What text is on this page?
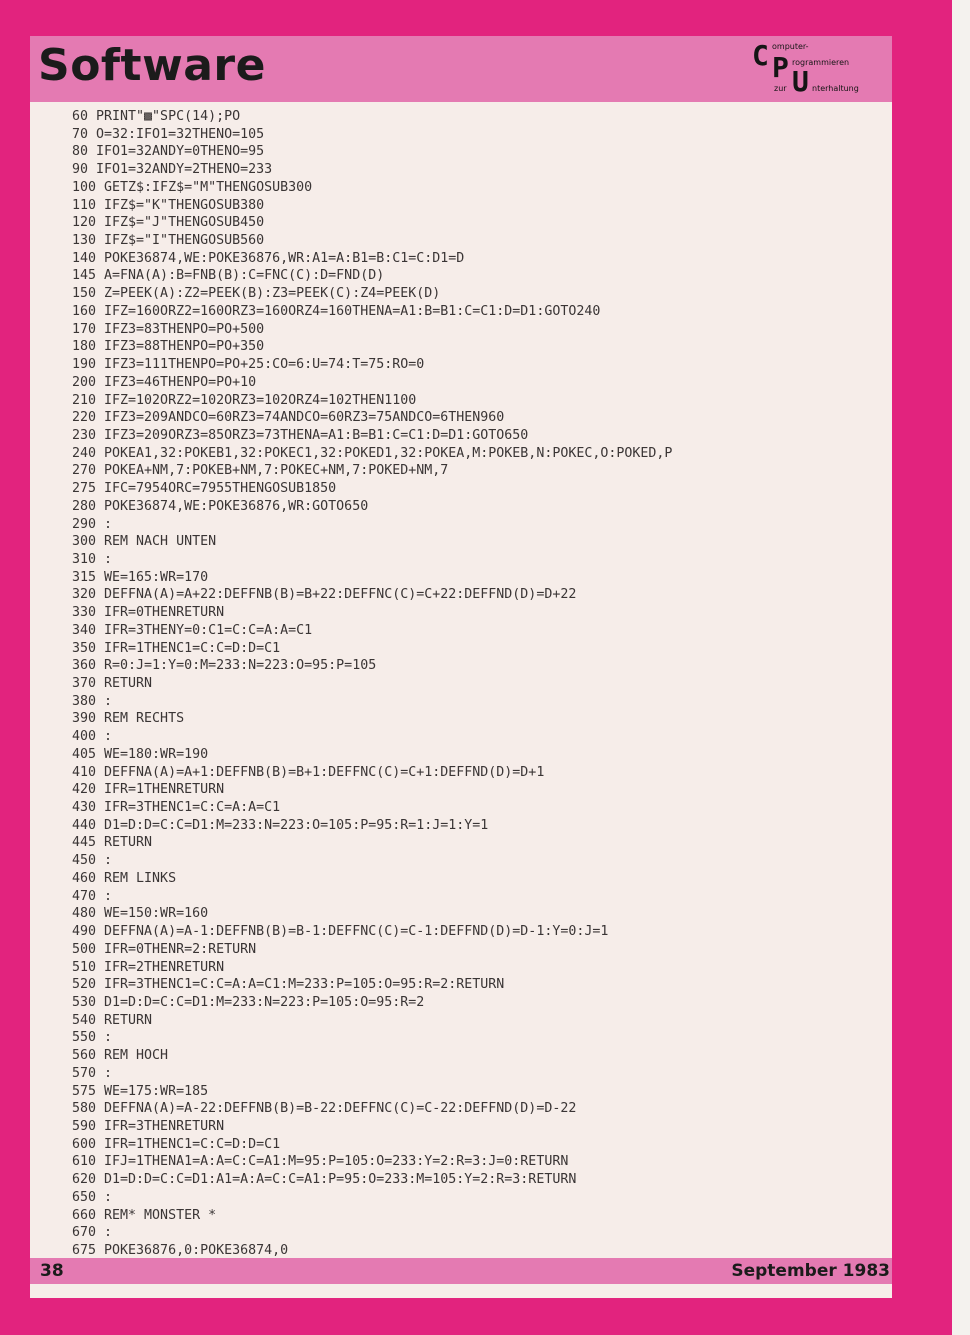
Software	C omputer-
P rogrammieren
zur U nterhaltung
60 PRINT"▩"SPC(14);PO
70 O=32:IFO1=32THENO=105
80 IFO1=32ANDY=0THENO=95
90 IFO1=32ANDY=2THENO=233
100 GETZ$:IFZ$="M"THENGOSUB300
110 IFZ$="K"THENGOSUB380
120 IFZ$="J"THENGOSUB450
130 IFZ$="I"THENGOSUB560
140 POKE36874,WE:POKE36876,WR:A1=A:B1=B:C1=C:D1=D
145 A=FNA(A):B=FNB(B):C=FNC(C):D=FND(D)
150 Z=PEEK(A):Z2=PEEK(B):Z3=PEEK(C):Z4=PEEK(D)
160 IFZ=160ORZ2=160ORZ3=160ORZ4=160THENA=A1:B=B1:C=C1:D=D1:GOTO240
170 IFZ3=83THENPO=PO+500
180 IFZ3=88THENPO=PO+350
190 IFZ3=111THENPO=PO+25:CO=6:U=74:T=75:RO=0
200 IFZ3=46THENPO=PO+10
210 IFZ=102ORZ2=102ORZ3=102ORZ4=102THEN1100
220 IFZ3=209ANDCO=60RZ3=74ANDCO=60RZ3=75ANDCO=6THEN960
230 IFZ3=209ORZ3=85ORZ3=73THENA=A1:B=B1:C=C1:D=D1:GOTO650
240 POKEA1,32:POKEB1,32:POKEC1,32:POKED1,32:POKEA,M:POKEB,N:POKEC,O:POKED,P
270 POKEA+NM,7:POKEB+NM,7:POKEC+NM,7:POKED+NM,7
275 IFC=7954ORC=7955THENGOSUB1850
280 POKE36874,WE:POKE36876,WR:GOTO650
290 :
300 REM NACH UNTEN
310 :
315 WE=165:WR=170
320 DEFFNA(A)=A+22:DEFFNB(B)=B+22:DEFFNC(C)=C+22:DEFFND(D)=D+22
330 IFR=0THENRETURN
340 IFR=3THENY=0:C1=C:C=A:A=C1
350 IFR=1THENC1=C:C=D:D=C1
360 R=0:J=1:Y=0:M=233:N=223:O=95:P=105
370 RETURN
380 :
390 REM RECHTS
400 :
405 WE=180:WR=190
410 DEFFNA(A)=A+1:DEFFNB(B)=B+1:DEFFNC(C)=C+1:DEFFND(D)=D+1
420 IFR=1THENRETURN
430 IFR=3THENC1=C:C=A:A=C1
440 D1=D:D=C:C=D1:M=233:N=223:O=105:P=95:R=1:J=1:Y=1
445 RETURN
450 :
460 REM LINKS
470 :
480 WE=150:WR=160
490 DEFFNA(A)=A-1:DEFFNB(B)=B-1:DEFFNC(C)=C-1:DEFFND(D)=D-1:Y=0:J=1
500 IFR=0THENR=2:RETURN
510 IFR=2THENRETURN
520 IFR=3THENC1=C:C=A:A=C1:M=233:P=105:O=95:R=2:RETURN
530 D1=D:D=C:C=D1:M=233:N=223:P=105:O=95:R=2
540 RETURN
550 :
560 REM HOCH
570 :
575 WE=175:WR=185
580 DEFFNA(A)=A-22:DEFFNB(B)=B-22:DEFFNC(C)=C-22:DEFFND(D)=D-22
590 IFR=3THENRETURN
600 IFR=1THENC1=C:C=D:D=C1
610 IFJ=1THENA1=A:A=C:C=A1:M=95:P=105:O=233:Y=2:R=3:J=0:RETURN
620 D1=D:D=C:C=D1:A1=A:A=C:C=A1:P=95:O=233:M=105:Y=2:R=3:RETURN
650 :
660 REM* MONSTER *
670 :
675 POKE36876,0:POKE36874,0
38	September 1983
